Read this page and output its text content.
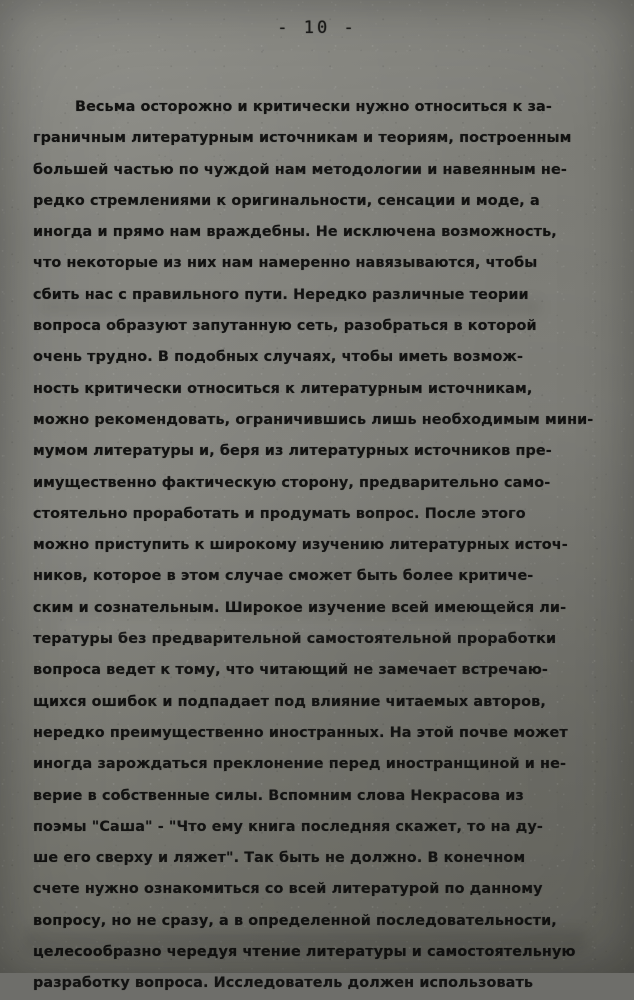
- 10 -
Весьма осторожно и критически нужно относиться к за-
граничным литературным источникам и теориям, построенным
большей частью по чуждой нам методологии и навеянным не-
редко стремлениями к оригинальности, сенсации и моде, а
иногда и прямо нам враждебны. Не исключена возможность,
что некоторые из них нам намеренно навязываются, чтобы
сбить нас с правильного пути. Нередко различные теории
вопроса образуют запутанную сеть, разобраться в которой
очень трудно. В подобных случаях, чтобы иметь возмож-
ность критически относиться к литературным источникам,
можно рекомендовать, ограничившись лишь необходимым мини-
мумом литературы и, беря из литературных источников пре-
имущественно фактическую сторону, предварительно само-
стоятельно проработать и продумать вопрос. После этого
можно приступить к широкому изучению литературных источ-
ников, которое в этом случае сможет быть более критиче-
ским и сознательным. Широкое изучение всей имеющейся ли-
тературы без предварительной самостоятельной проработки
вопроса ведет к тому, что читающий не замечает встречаю-
щихся ошибок и подпадает под влияние читаемых авторов,
нередко преимущественно иностранных. На этой почве может
иногда зарождаться преклонение перед иностранщиной и не-
верие в собственные силы. Вспомним слова Некрасова из
поэмы "Саша" - "Что ему книга последняя скажет, то на ду-
ше его сверху и ляжет". Так быть не должно. В конечном
счете нужно ознакомиться со всей литературой по данному
вопросу, но не сразу, а в определенной последовательности,
целесообразно чередуя чтение литературы и самостоятельную
разработку вопроса. Исследователь должен использовать
